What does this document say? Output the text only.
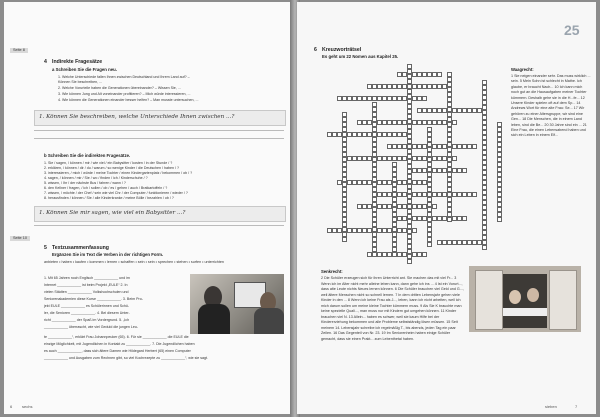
Seite 8
4 Indirekte Fragesätze
a Schreiben Sie die Fragen neu.
1. Welche Unterschiede fallen Ihnen zwischen Deutschland und Ihrem Land auf? –
Können Sie beschreiben, ...
2. Welche Vorurteile haben die Generationen übereinander? – Wissen Sie, ...
3. Wie können Jung und Alt voneinander profitieren? – Mich würde interessieren, ...
4. Wie können die Generationen einander besser helfen? – Man musste untersuchen, ...
1. Können Sie beschreiben, welche Unterschiede Ihnen zwischen ...?
b Schreiben Sie die indirekten Fragesätze.
1. Sie / sagen, / können / mir / wie viel / ein Babysitter / kosten / in der Stunde / ?
2. erklären, / können / dir / du / warum / so wenige Kinder / die Deutschen / haben / ?
3. interessieren, / mich / würde / meine Tochter / einen Kindergartenplatz / bekommen / ob / ?
4. sagen, / können / mir / Sie / wo / finden / ich / Kinderschuhe / ?
5. wissen, / Ihr / der nächste Bus / fahren / wann / ?
6. den Kellner / fragen, / ich / sollen / ob / es / gehen / auch / Bratkartoffeln / ?
7. wissen, / möchte / der Chef / sein wie viel Chr / der Computer / funktionieren / wieder / ?
8. herausfinden / können / Sie / alle Kinderkranke / meine Bölle / bezahlen / ob / ?
1. Können Sie mir sagen, wie viel ein Babysitter ...?
Seite 10
5 Textzusammenfassung
Ergänzen Sie im Text die Verben in der richtigen Form.
anbieten • haben • kaufen • kommen • lernen • schaffen • sein • sein • sprechen • stehen • surfen • unterrichten
1. Mit 65 Jahren noch Englisch ____________ und im
Internet ____________ ist beim Projekt „EULE“ 2. In
vielen Städten ____________ Volkshochschulen und
Seniorenakademien diese Kurse ____________. 3. Beim Pro-
jekt EULE ____________ es Schülerinnen und Schü-
ler, die Senioren ____________. 4. Bei diesem Unter-
richt ____________ der Spaß im Vordergrund. 5. „Ich
____________ überrascht, wie viel Geduld die jungen Leu-
te ____________“, erklärt Frau Johannpeuker (65). 6. Für sie ____________ die EULE die
einzige Möglichkeit, mit Jugendlichen in Kontakt zu ____________. 7. Die Jugendlichen haben
es auch ____________, dass sich ältere Damen wie Hildegard Herbert (65) einen Computer
____________ und Ausgaben zum Rechnen gibt, so viel Kochrezepte zu ____________“, wie sie sagt.
6 sechs
25
6 Kreuzworträtsel
Es geht um 22 Nomen aus Kapitel 25.
Waagrecht:
1 Sie neigen einander sehr. Das muss wirklich ... sein. 5 Mein Sohn ist schlecht in Mathe. Ich glaube, er braucht Nach... 10 Ich kann mich noch gut an die Hausaufgaben meiner Tochter kümmern. Deshalb gehe sie in die H...fe... 12 Unsere Kinder spielen oft auf dem Sp... 14 Andrews Wort für eine alte Frau: Se... 17 Wir gehören zu einer Altersgruppe, wir sind eine Gen... 18 Die Menschen, die in einem Land leben, sind die Be... 20 30 Jahre sind ein ... 21 Eine Frau, die einen Lebensabend haben und sich ein Leben in einem Elf...
Senkrecht:
2 Die Schüler erzeugen sich für ihren Unterricht ant. Sie machen das mit viel Fr... 3 Wenn ich im Alter nicht mehr alleine leben kann, dann gehe ich ins ... 4 Ist ein Vorurt..., dass alte Leute nichts Neues lernen können. 6 Die Schüler brauchen viel Geld und G..., weil ältere Menschen nicht so schnell lernen. 7 In dem dritten Lebensjahr gehen viele Kinder in den ... 8 Wenn ich keine Frau als J..., leben, kann ich nicht arbeiten, weil ich mich darum sollen um meine kleine Tochter kümmern muss. 9 Als Sie K brauchte man keine spezielle Quali..., man muss nur mit Kindern gut umgehen können. 11 Kinder brauchen viel N. 13 Allein... haben es schwer, weil sie kaum Hilfe bei der Kindererziehung bekommen und alle Probleme selbstständig lösen müssen. 15 Seit meinem 14. Lebensjahr schreibe ich regelmäßig T., bis abends, jeden Tag ein paar Zeilen. 16 Das Gegenteil von Nr. 23. 19 Im Seniorenheim haben einige Schüler gemacht, dass sie einen Prakt... zum Lebenthetal haben.
sieben	7
